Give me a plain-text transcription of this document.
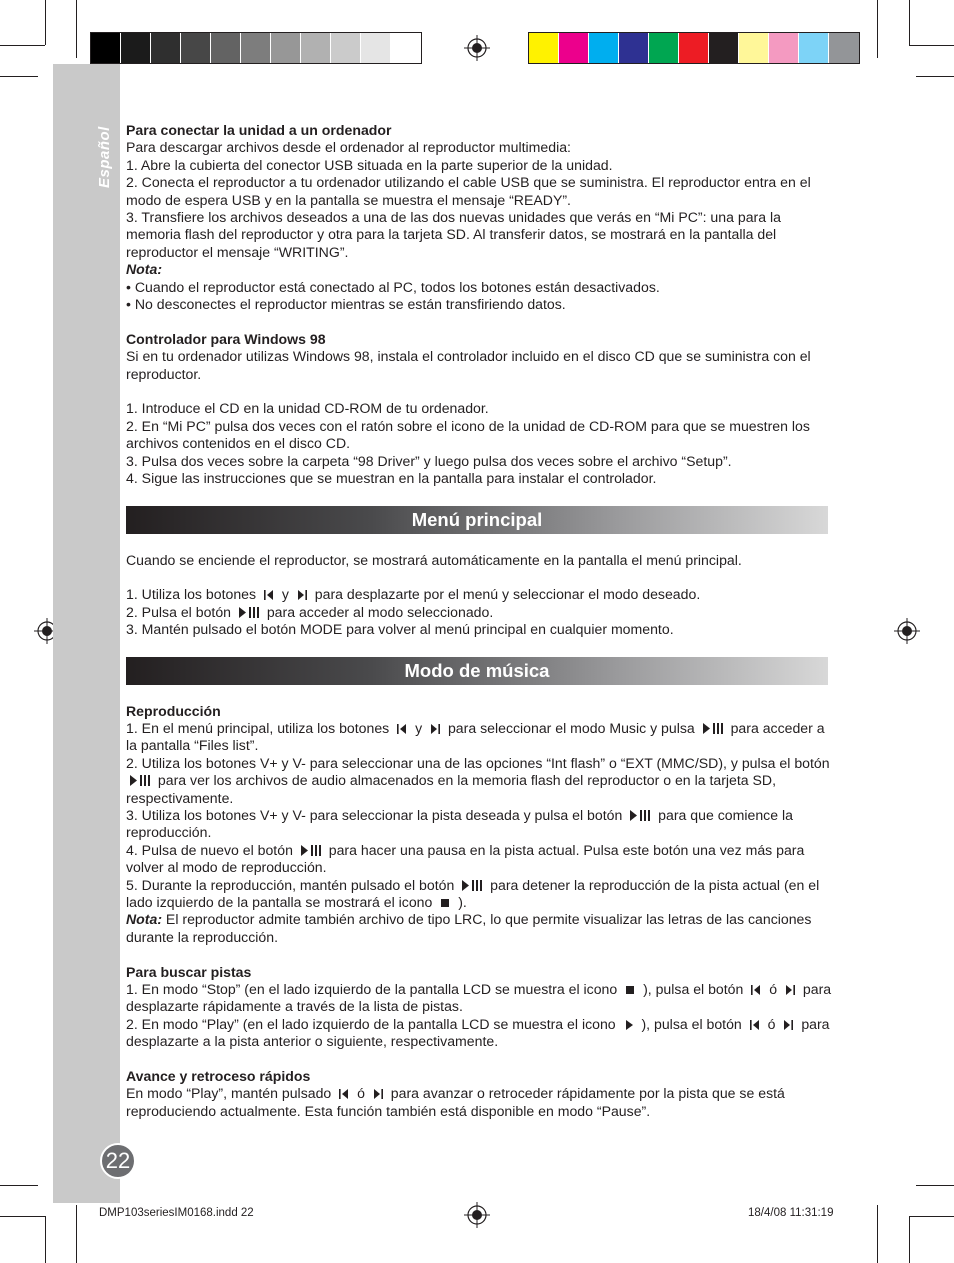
Español
22

Para conectar la unidad a un ordenador

Para descargar archivos desde el ordenador al reproductor multimedia:

1. Abre la cubierta del conector USB situada en la parte superior de la unidad.

2. Conecta el reproductor a tu ordenador utilizando el cable USB que se suministra. El reproductor entra en el modo de espera USB y en la pantalla se muestra el mensaje “READY”.

3. Transfiere los archivos deseados a una de las dos nuevas unidades que verás en “Mi PC”: una para la memoria flash del reproductor y otra para la tarjeta SD. Al transferir datos, se mostrará en la pantalla del reproductor el mensaje “WRITING”.

Nota:

• Cuando el reproductor está conectado al PC, todos los botones están desactivados.

• No desconectes el reproductor mientras se están transfiriendo datos.

Controlador para Windows 98

Si en tu ordenador utilizas Windows 98, instala el controlador incluido en el disco CD que se suministra con el reproductor.

1. Introduce el CD en la unidad CD-ROM de tu ordenador.

2. En “Mi PC” pulsa dos veces con el ratón sobre el icono de la unidad de CD-ROM para que se muestren los archivos contenidos en el disco CD.

3. Pulsa dos veces sobre la carpeta “98 Driver” y luego pulsa dos veces sobre el archivo “Setup”.

4. Sigue las instrucciones que se muestran en la pantalla para instalar el controlador.

Menú principal

Cuando se enciende el reproductor, se mostrará automáticamente en la pantalla el menú principal.

1. Utiliza los botones y para desplazarte por el menú y seleccionar el modo deseado.

2. Pulsa el botón	para acceder al modo seleccionado.

3. Mantén pulsado el botón MODE para volver al menú principal en cualquier momento.

Modo de música

Reproducción

1. En el menú principal, utiliza los botones y para seleccionar el modo Music y pulsa	para acceder a la pantalla “Files list”.

2. Utiliza los botones V+ y V- para seleccionar una de las opciones “Int flash” o “EXT (MMC/SD), y pulsa el botón
para ver los archivos de audio almacenados en la memoria flash del reproductor o en la tarjeta SD, respectivamente.

3. Utiliza los botones V+ y V- para seleccionar la pista deseada y pulsa el botón	para que comience la reproducción.

4. Pulsa de nuevo el botón	para hacer una pausa en la pista actual. Pulsa este botón una vez más para volver al modo de reproducción.

5. Durante la reproducción, mantén pulsado el botón	para detener la reproducción de la pista actual (en el lado izquierdo de la pantalla se mostrará el icono ).

Nota: El reproductor admite también archivo de tipo LRC, lo que permite visualizar las letras de las canciones durante la reproducción.

Para buscar pistas

1. En modo “Stop” (en el lado izquierdo de la pantalla LCD se muestra el icono ), pulsa el botón ó para desplazarte rápidamente a través de la lista de pistas.

2. En modo “Play” (en el lado izquierdo de la pantalla LCD se muestra el icono ), pulsa el botón ó para desplazarte a la pista anterior o siguiente, respectivamente.

Avance y retroceso rápidos

En modo “Play”, mantén pulsado ó para avanzar o retroceder rápidamente por la pista que se está reproduciendo actualmente. Esta función también está disponible en modo “Pause”.

DMP103seriesIM0168.indd 22	18/4/08 11:31:19
